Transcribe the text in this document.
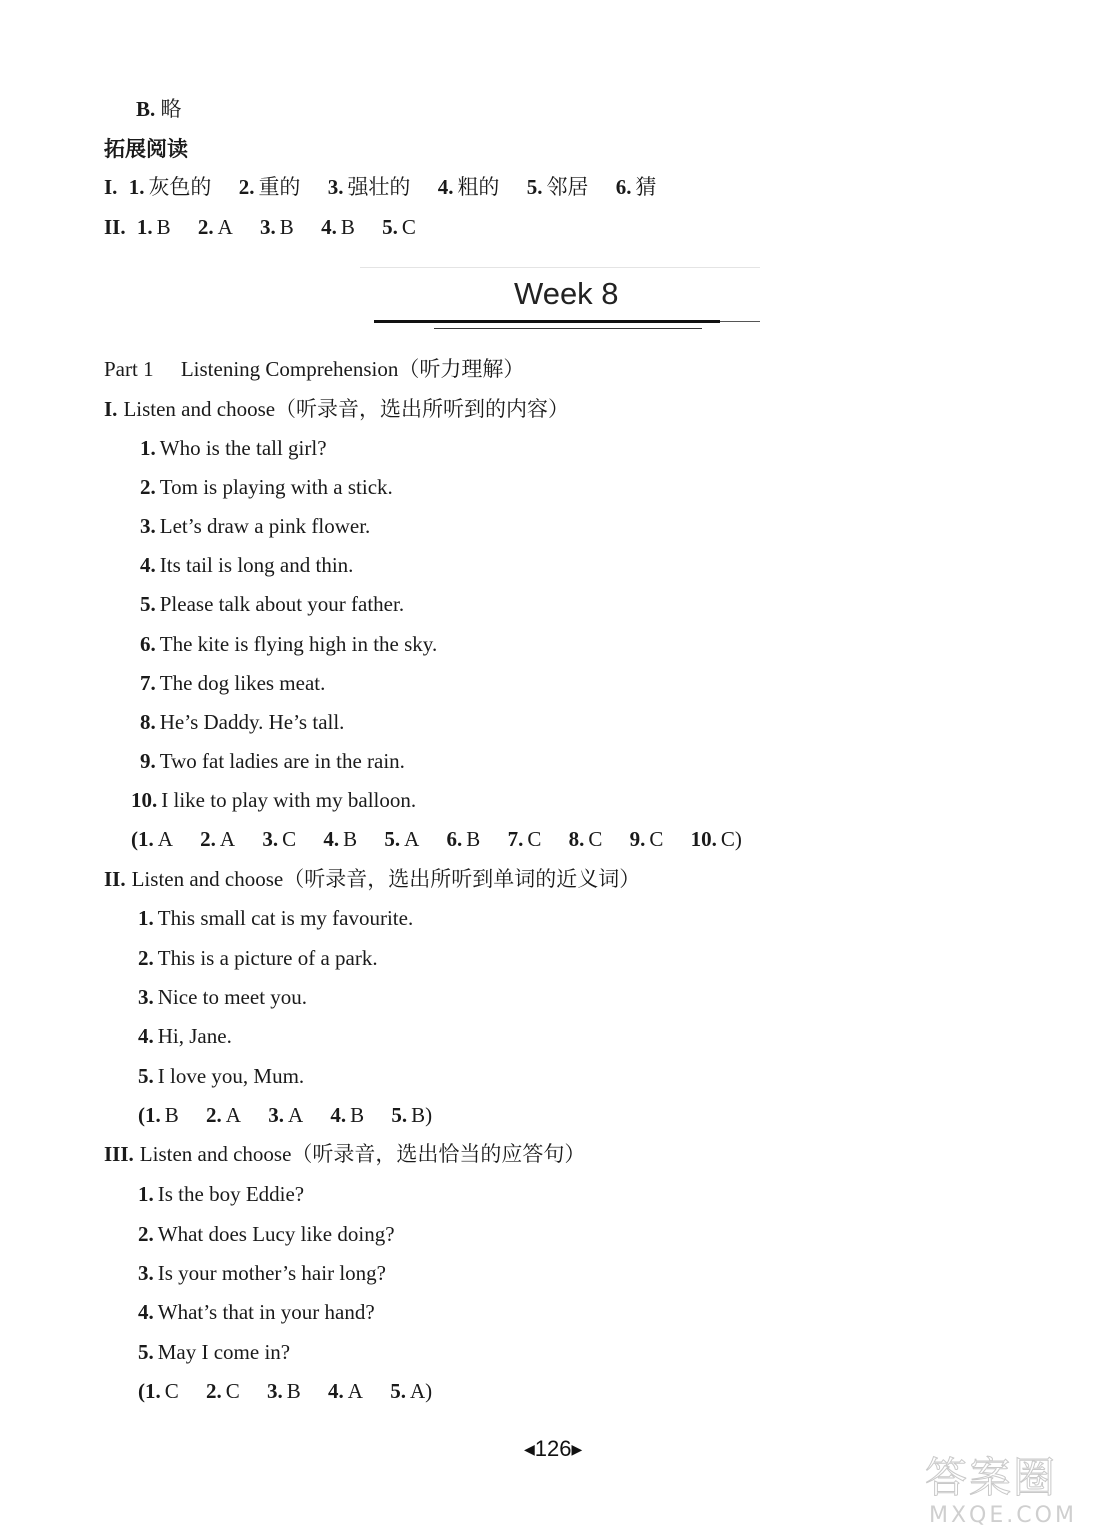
B. 略
拓展阅读
I. 1. 灰色的 2. 重的 3. 强壮的 4. 粗的 5. 邻居 6. 猜
II. 1. B 2. A 3. B 4. B 5. C
Week 8
Part 1 Listening Comprehension（听力理解）
I. Listen and choose（听录音，选出所听到的内容）
1. Who is the tall girl?
2. Tom is playing with a stick.
3. Let’s draw a pink flower.
4. Its tail is long and thin.
5. Please talk about your father.
6. The kite is flying high in the sky.
7. The dog likes meat.
8. He’s Daddy. He’s tall.
9. Two fat ladies are in the rain.
10. I like to play with my balloon.
(1. A 2. A 3. C 4. B 5. A 6. B 7. C 8. C 9. C 10. C)
II. Listen and choose（听录音，选出所听到单词的近义词）
1. This small cat is my favourite.
2. This is a picture of a park.
3. Nice to meet you.
4. Hi, Jane.
5. I love you, Mum.
(1. B 2. A 3. A 4. B 5. B)
III. Listen and choose（听录音，选出恰当的应答句）
1. Is the boy Eddie?
2. What does Lucy like doing?
3. Is your mother’s hair long?
4. What’s that in your hand?
5. May I come in?
(1. C 2. C 3. B 4. A 5. A)
◀126▶
答案圈
MXQE.COM
